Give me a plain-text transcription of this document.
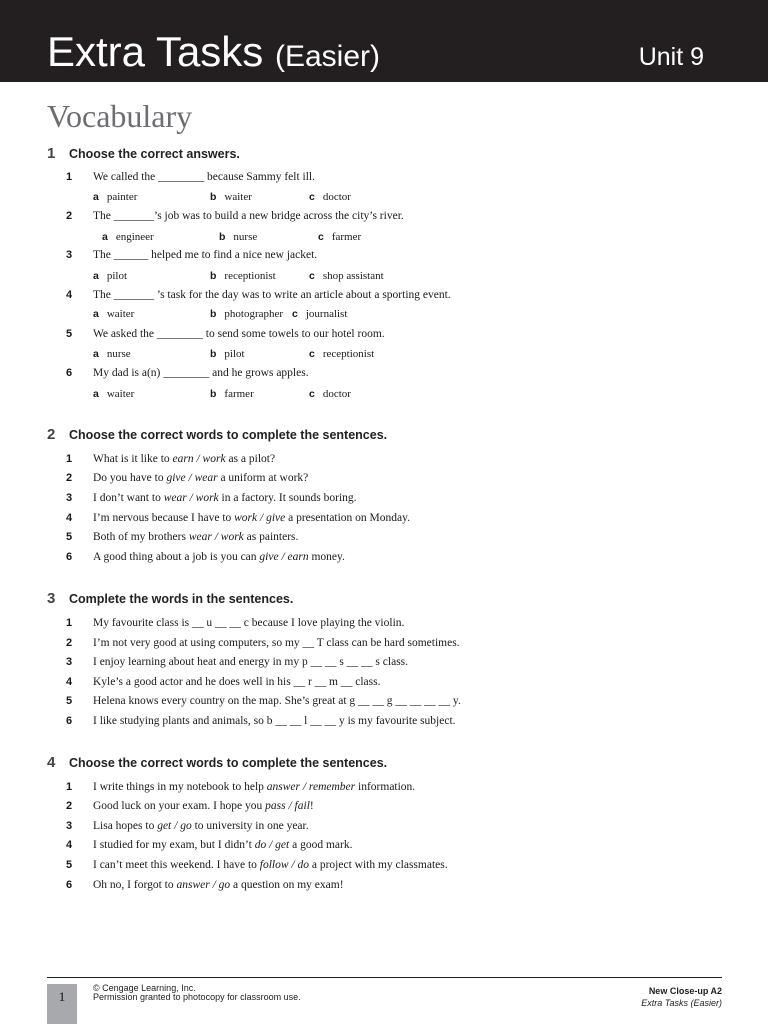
Extra Tasks (Easier)	Unit 9
Vocabulary
1 Choose the correct answers.
1 We called the ________ because Sammy felt ill.
a painter	b waiter	c doctor
2 The _______’s job was to build a new bridge across the city’s river.
a engineer	b nurse	c farmer
3 The ______ helped me to find a nice new jacket.
a pilot	b receptionist	c shop assistant
4 The _______ ’s task for the day was to write an article about a sporting event.
a waiter	b photographer c journalist
5 We asked the ________ to send some towels to our hotel room.
a nurse	b pilot	c receptionist
6 My dad is a(n) ________ and he grows apples.
a waiter	b farmer	c doctor
2 Choose the correct words to complete the sentences.
1 What is it like to earn / work as a pilot?
2 Do you have to give / wear a uniform at work?
3 I don’t want to wear / work in a factory. It sounds boring.
4 I’m nervous because I have to work / give a presentation on Monday.
5 Both of my brothers wear / work as painters.
6 A good thing about a job is you can give / earn money.
3 Complete the words in the sentences.
1 My favourite class is __ u __ __ c because I love playing the violin.
2 I’m not very good at using computers, so my __ T class can be hard sometimes.
3 I enjoy learning about heat and energy in my p __ __ s __ __ s class.
4 Kyle’s a good actor and he does well in his __ r __ m __ class.
5 Helena knows every country on the map. She’s great at g __ __ g __ __ __ __ y.
6 I like studying plants and animals, so b __ __ l __ __ y is my favourite subject.
4 Choose the correct words to complete the sentences.
1 I write things in my notebook to help answer / remember information.
2 Good luck on your exam. I hope you pass / fail!
3 Lisa hopes to get / go to university in one year.
4 I studied for my exam, but I didn’t do / get a good mark.
5 I can’t meet this weekend. I have to follow / do a project with my classmates.
6 Oh no, I forgot to answer / go a question on my exam!
1
© Cengage Learning, Inc.
Permission granted to photocopy for classroom use.
New Close-up A2
Extra Tasks (Easier)
